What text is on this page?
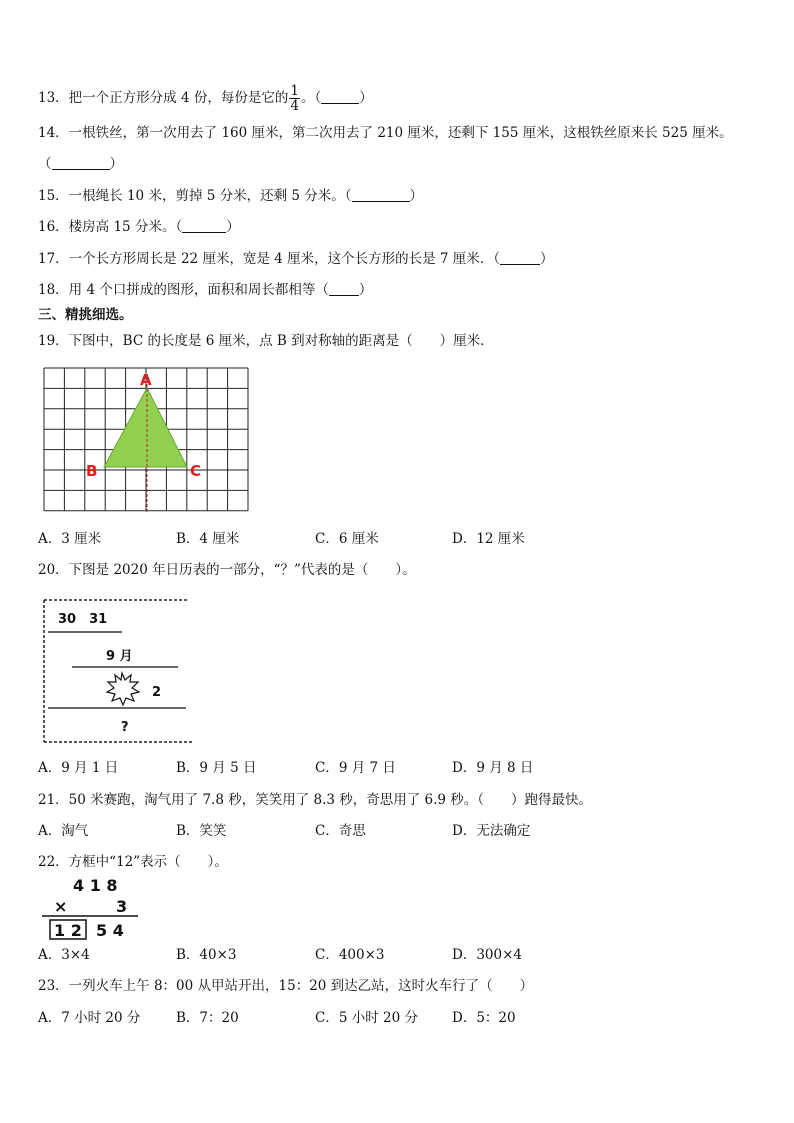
13．把一个正方形分成 4 份，每份是它的 $\frac{1}{4}$ 。（	）
14．一根铁丝，第一次用去了 160 厘米，第二次用去了 210 厘米，还剩下 155 厘米，这根铁丝原来长 525 厘米。
（	）
15．一根绳长 10 米，剪掉 5 分米，还剩 5 分米。（	）
16．楼房高 15 分米。（	）
17．一个长方形周长是 22 厘米，宽是 4 厘米，这个长方形的长是 7 厘米．（	）
18．用 4 个口拼成的图形，面积和周长都相等（ ）
三、精挑细选。
19．下图中，BC 的长度是 6 厘米，点 B 到对称轴的距离是（　　）厘米．
A
B	C
A．3 厘米	B．4 厘米	C．6 厘米	D．12 厘米
20．下图是 2020 年日历表的一部分，“？”代表的是（　　）。
30　31
9 月
2
?
A．9 月 1 日	B．9 月 5 日	C．9 月 7 日	D．9 月 8 日
21．50 米赛跑，淘气用了 7.8 秒，笑笑用了 8.3 秒，奇思用了 6.9 秒。（　　）跑得最快。
A．淘气	B．笑笑	C．奇思	D．无法确定
22．方框中“12”表示（　　）。
4 1 8
×	3
1 2 5 4
A．3×4	B．40×3	C．400×3	D．300×4
23．一列火车上午 8：00 从甲站开出，15：20 到达乙站，这时火车行了（　　）
A．7 小时 20 分	B．7：20	C．5 小时 20 分	D．5：20
